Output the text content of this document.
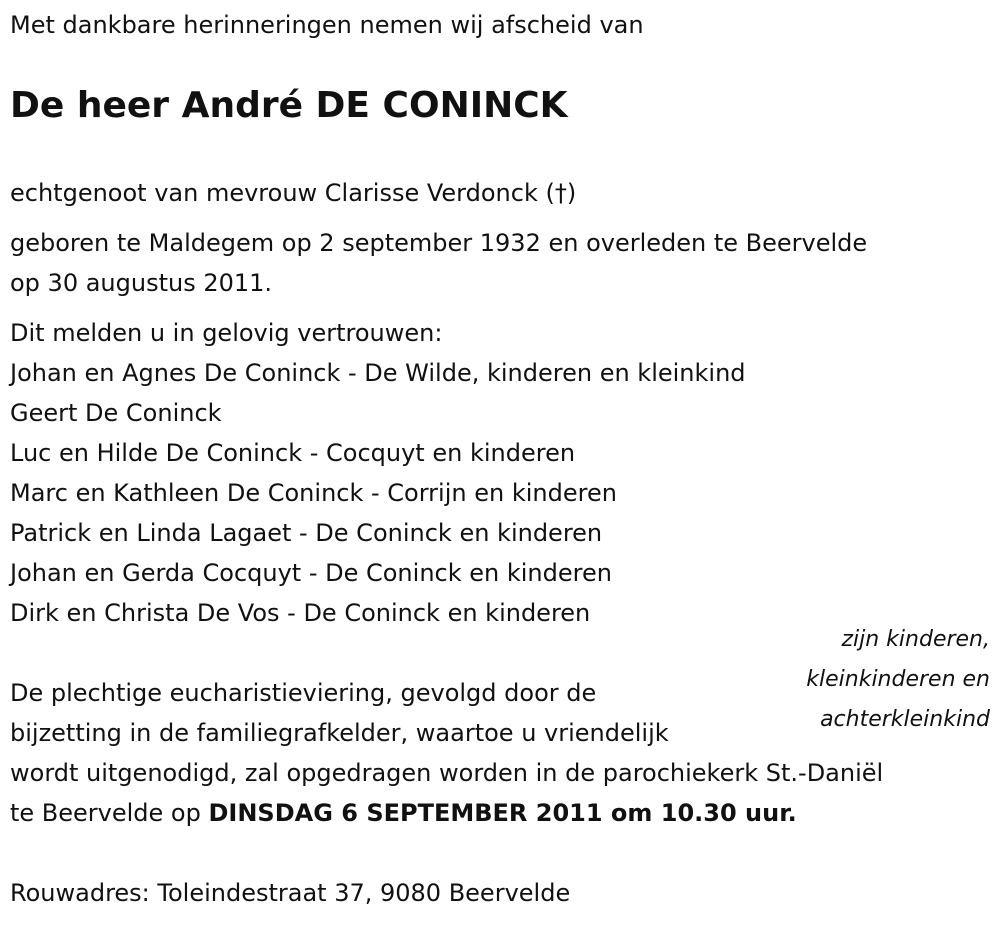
Met dankbare herinneringen nemen wij afscheid van
De heer André DE CONINCK
echtgenoot van mevrouw Clarisse Verdonck (†)
geboren te Maldegem op 2 september 1932 en overleden te Beervelde
op 30 augustus 2011.
Dit melden u in gelovig vertrouwen:
Johan en Agnes De Coninck - De Wilde, kinderen en kleinkind
Geert De Coninck
Luc en Hilde De Coninck - Cocquyt en kinderen
Marc en Kathleen De Coninck - Corrijn en kinderen
Patrick en Linda Lagaet - De Coninck en kinderen
Johan en Gerda Cocquyt - De Coninck en kinderen
Dirk en Christa De Vos - De Coninck en kinderen
zijn kinderen,
kleinkinderen en
achterkleinkind
De plechtige eucharistieviering, gevolgd door de
bijzetting in de familiegrafkelder, waartoe u vriendelijk
wordt uitgenodigd, zal opgedragen worden in de parochiekerk St.-Daniël
te Beervelde op DINSDAG 6 SEPTEMBER 2011 om 10.30 uur.
Rouwadres: Toleindestraat 37, 9080 Beervelde
